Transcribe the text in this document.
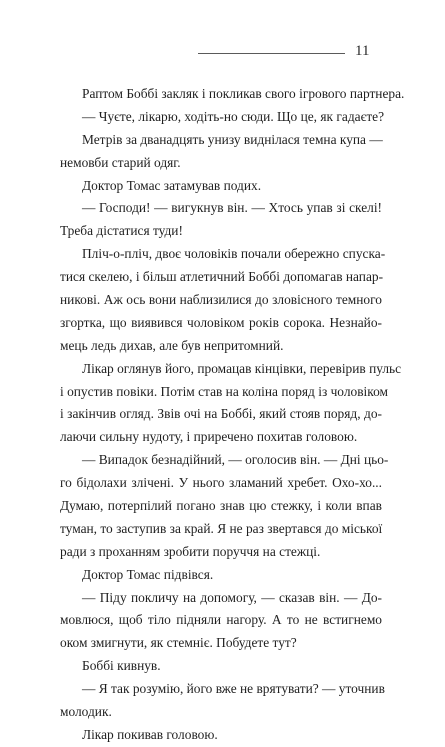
11
Раптом Боббі закляк і покликав свого ігрового партнера.
— Чуєте, лікарю, ходіть-но сюди. Що це, як гадаєте?
Метрів за дванадцять унизу виднілася темна купа —
немовби старий одяг.
Доктор Томас затамував подих.
— Господи! — вигукнув він. — Хтось упав зі скелі!
Треба дістатися туди!
Пліч-о-пліч, двоє чоловіків почали обережно спуска-
тися скелею, і більш атлетичний Боббі допомагав напар-
никові. Аж ось вони наблизилися до зловісного темного
згортка, що виявився чоловіком років сорока. Незнайо-
мець ледь дихав, але був непритомний.
Лікар оглянув його, промацав кінцівки, перевірив пульс
і опустив повіки. Потім став на коліна поряд із чоловіком
і закінчив огляд. Звів очі на Боббі, який стояв поряд, до-
лаючи сильну нудоту, і приречено похитав головою.
— Випадок безнадійний, — оголосив він. — Дні цьо-
го бідолахи злічені. У нього зламаний хребет. Охо-хо...
Думаю, потерпілий погано знав цю стежку, і коли впав
туман, то заступив за край. Я не раз звертався до міської
ради з проханням зробити поруччя на стежці.
Доктор Томас підвівся.
— Піду покличу на допомогу, — сказав він. — До-
мовлюся, щоб тіло підняли нагору. А то не встигнемо
оком змигнути, як стемніє. Побудете тут?
Боббі кивнув.
— Я так розумію, його вже не врятувати? — уточнив
молодик.
Лікар покивав головою.
